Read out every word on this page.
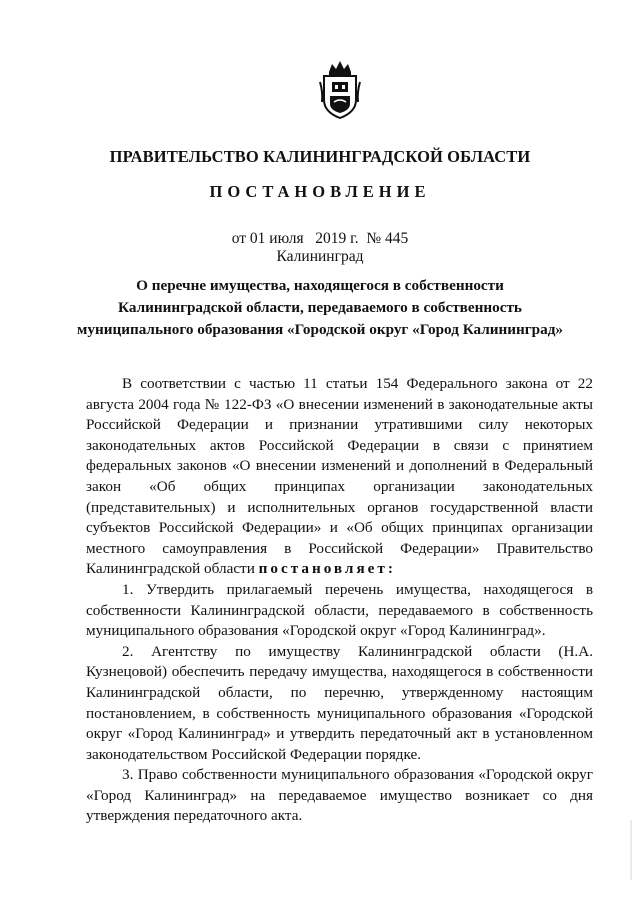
ПРАВИТЕЛЬСТВО КАЛИНИНГРАДСКОЙ ОБЛАСТИ
ПОСТАНОВЛЕНИЕ
от 01 июля   2019 г.  № 445
Калининград
О перечне имущества, находящегося в собственности
Калининградской области, передаваемого в собственность
муниципального образования «Городской округ «Город Калининград»

В соответствии с частью 11 статьи 154 Федерального закона от 22 августа 2004 года № 122-ФЗ «О внесении изменений в законодательные акты Российской Федерации и признании утратившими силу некоторых законодательных актов Российской Федерации в связи с принятием федеральных законов «О внесении изменений и дополнений в Федеральный закон «Об общих принципах организации законодательных (представительных) и исполнительных органов государственной власти субъектов Российской Федерации» и «Об общих принципах организации местного самоуправления в Российской Федерации» Правительство Калининградской области постановляет:

1. Утвердить прилагаемый перечень имущества, находящегося в собственности Калининградской области, передаваемого в собственность муниципального образования «Городской округ «Город Калининград».

2. Агентству по имуществу Калининградской области (Н.А. Кузнецовой) обеспечить передачу имущества, находящегося в собственности Калининградской области, по перечню, утвержденному настоящим постановлением, в собственность муниципального образования «Городской округ «Город Калининград» и утвердить передаточный акт в установленном законодательством Российской Федерации порядке.

3. Право собственности муниципального образования «Городской округ «Город Калининград» на передаваемое имущество возникает со дня утверждения передаточного акта.
